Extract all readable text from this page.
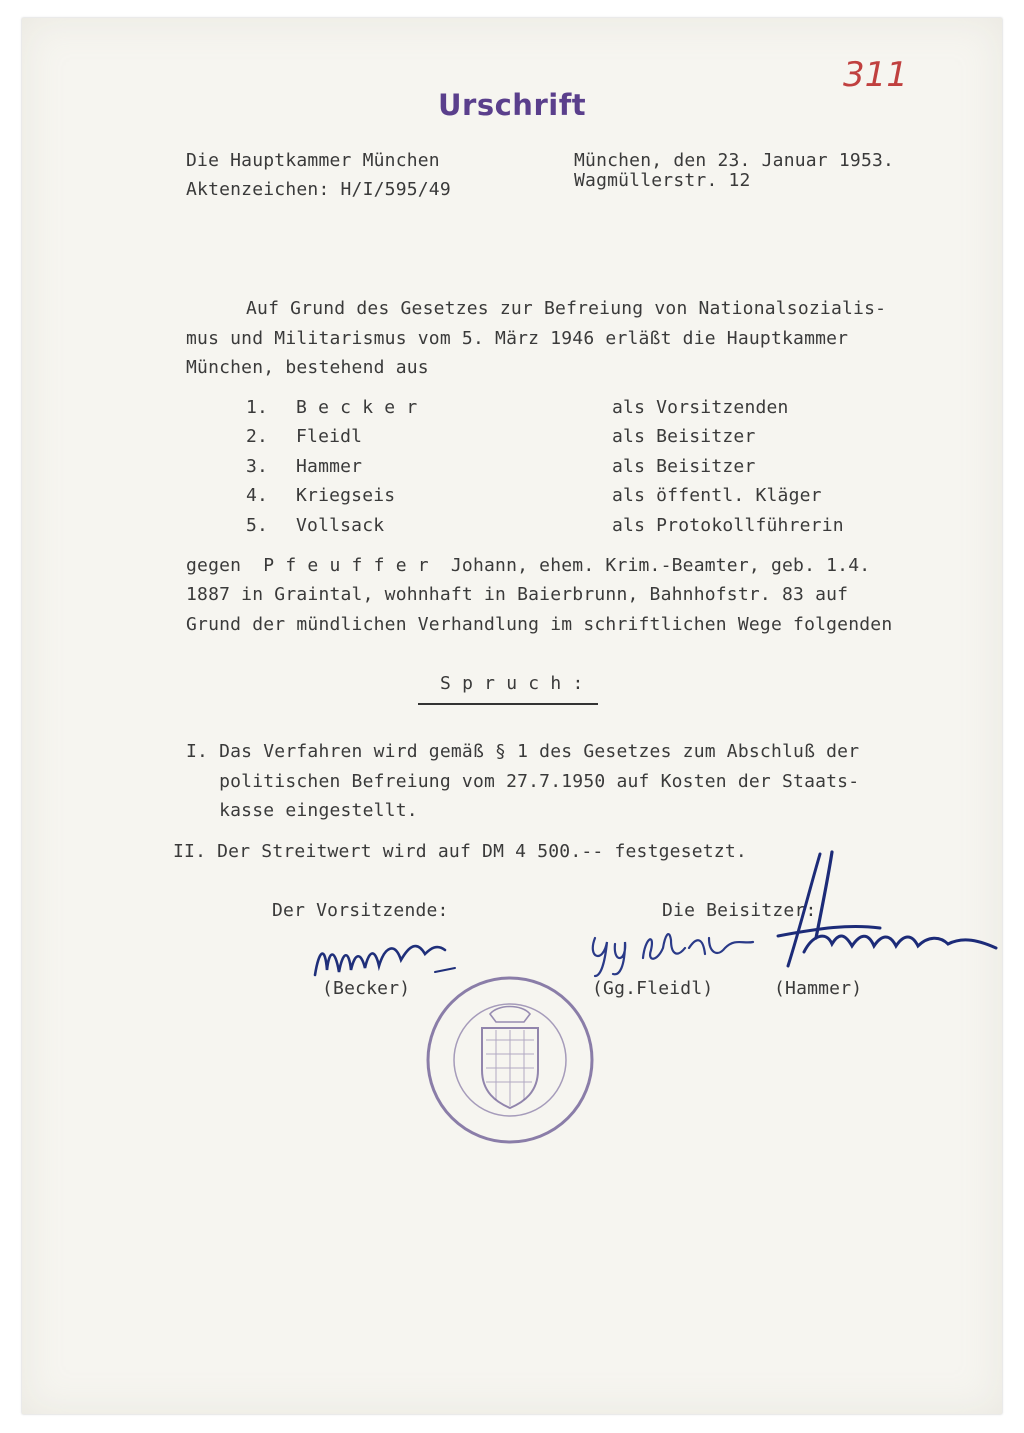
311
Urschrift
Die Hauptkammer München
Aktenzeichen: H/I/595/49
München, den 23. Januar 1953.
Wagmüllerstr. 12
Auf Grund des Gesetzes zur Befreiung von Nationalsozialis-
mus und Militarismus vom 5. März 1946 erläßt die Hauptkammer
München, bestehend aus
1. B e c k e r	als Vorsitzenden
2. Fleidl	als Beisitzer
3. Hammer	als Beisitzer
4. Kriegseis	als öffentl. Kläger
5. Vollsack	als Protokollführerin
gegen  P f e u f f e r  Johann, ehem. Krim.-Beamter, geb. 1.4.
1887 in Graintal, wohnhaft in Baierbrunn, Bahnhofstr. 83 auf
Grund der mündlichen Verhandlung im schriftlichen Wege folgenden
S p r u c h :
I. Das Verfahren wird gemäß § 1 des Gesetzes zum Abschluß der
politischen Befreiung vom 27.7.1950 auf Kosten der Staats-
kasse eingestellt.
II. Der Streitwert wird auf DM 4 500.-- festgesetzt.
Der Vorsitzende:	Die Beisitzer:
(Becker)	(Gg.Fleidl)	(Hammer)
